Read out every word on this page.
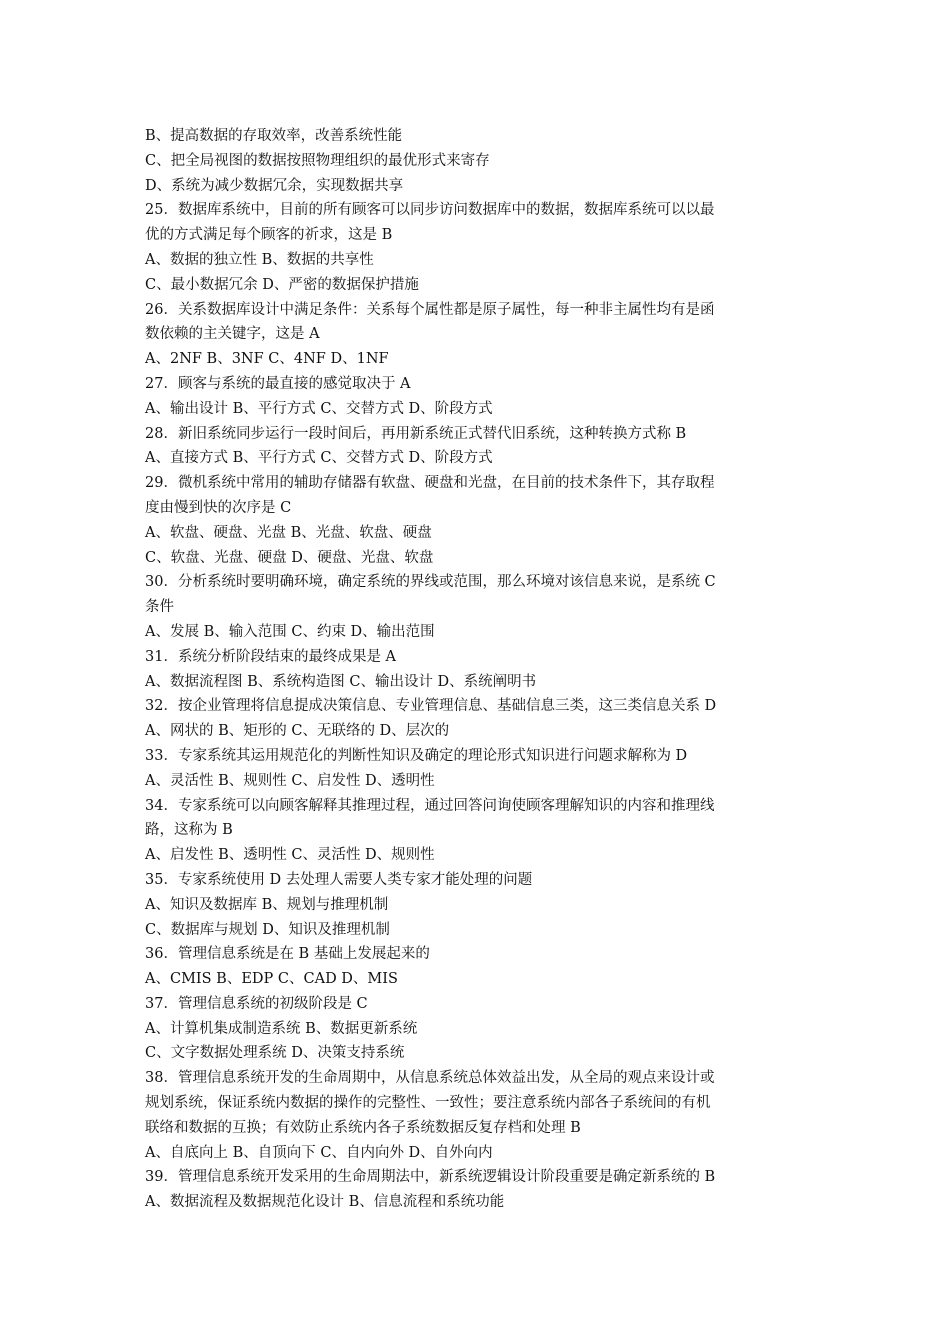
B、提高数据的存取效率，改善系统性能
C、把全局视图的数据按照物理组织的最优形式来寄存
D、系统为减少数据冗余，实现数据共享
25．数据库系统中，目前的所有顾客可以同步访问数据库中的数据，数据库系统可以以最
优的方式满足每个顾客的祈求，这是 B
A、数据的独立性 B、数据的共享性
C、最小数据冗余 D、严密的数据保护措施
26．关系数据库设计中满足条件：关系每个属性都是原子属性，每一种非主属性均有是函
数依赖的主关键字，这是 A
A、2NF B、3NF C、4NF D、1NF
27．顾客与系统的最直接的感觉取决于 A
A、输出设计 B、平行方式 C、交替方式 D、阶段方式
28．新旧系统同步运行一段时间后，再用新系统正式替代旧系统，这种转换方式称 B
A、直接方式 B、平行方式 C、交替方式 D、阶段方式
29．微机系统中常用的辅助存储器有软盘、硬盘和光盘，在目前的技术条件下，其存取程
度由慢到快的次序是 C
A、软盘、硬盘、光盘 B、光盘、软盘、硬盘
C、软盘、光盘、硬盘 D、硬盘、光盘、软盘
30．分析系统时要明确环境，确定系统的界线或范围，那么环境对该信息来说，是系统 C
条件
A、发展 B、输入范围 C、约束 D、输出范围
31．系统分析阶段结束的最终成果是 A
A、数据流程图 B、系统构造图 C、输出设计 D、系统阐明书
32．按企业管理将信息提成决策信息、专业管理信息、基础信息三类，这三类信息关系 D
A、网状的 B、矩形的 C、无联络的 D、层次的
33．专家系统其运用规范化的判断性知识及确定的理论形式知识进行问题求解称为 D
A、灵活性 B、规则性 C、启发性 D、透明性
34．专家系统可以向顾客解释其推理过程，通过回答问询使顾客理解知识的内容和推理线
路，这称为 B
A、启发性 B、透明性 C、灵活性 D、规则性
35．专家系统使用 D 去处理人需要人类专家才能处理的问题
A、知识及数据库 B、规划与推理机制
C、数据库与规划 D、知识及推理机制
36．管理信息系统是在 B 基础上发展起来的
A、CMIS B、EDP C、CAD D、MIS
37．管理信息系统的初级阶段是 C
A、计算机集成制造系统 B、数据更新系统
C、文字数据处理系统 D、决策支持系统
38．管理信息系统开发的生命周期中，从信息系统总体效益出发，从全局的观点来设计或
规划系统，保证系统内数据的操作的完整性、一致性；要注意系统内部各子系统间的有机
联络和数据的互换；有效防止系统内各子系统数据反复存档和处理 B
A、自底向上 B、自顶向下 C、自内向外 D、自外向内
39．管理信息系统开发采用的生命周期法中，新系统逻辑设计阶段重要是确定新系统的 B
A、数据流程及数据规范化设计 B、信息流程和系统功能
